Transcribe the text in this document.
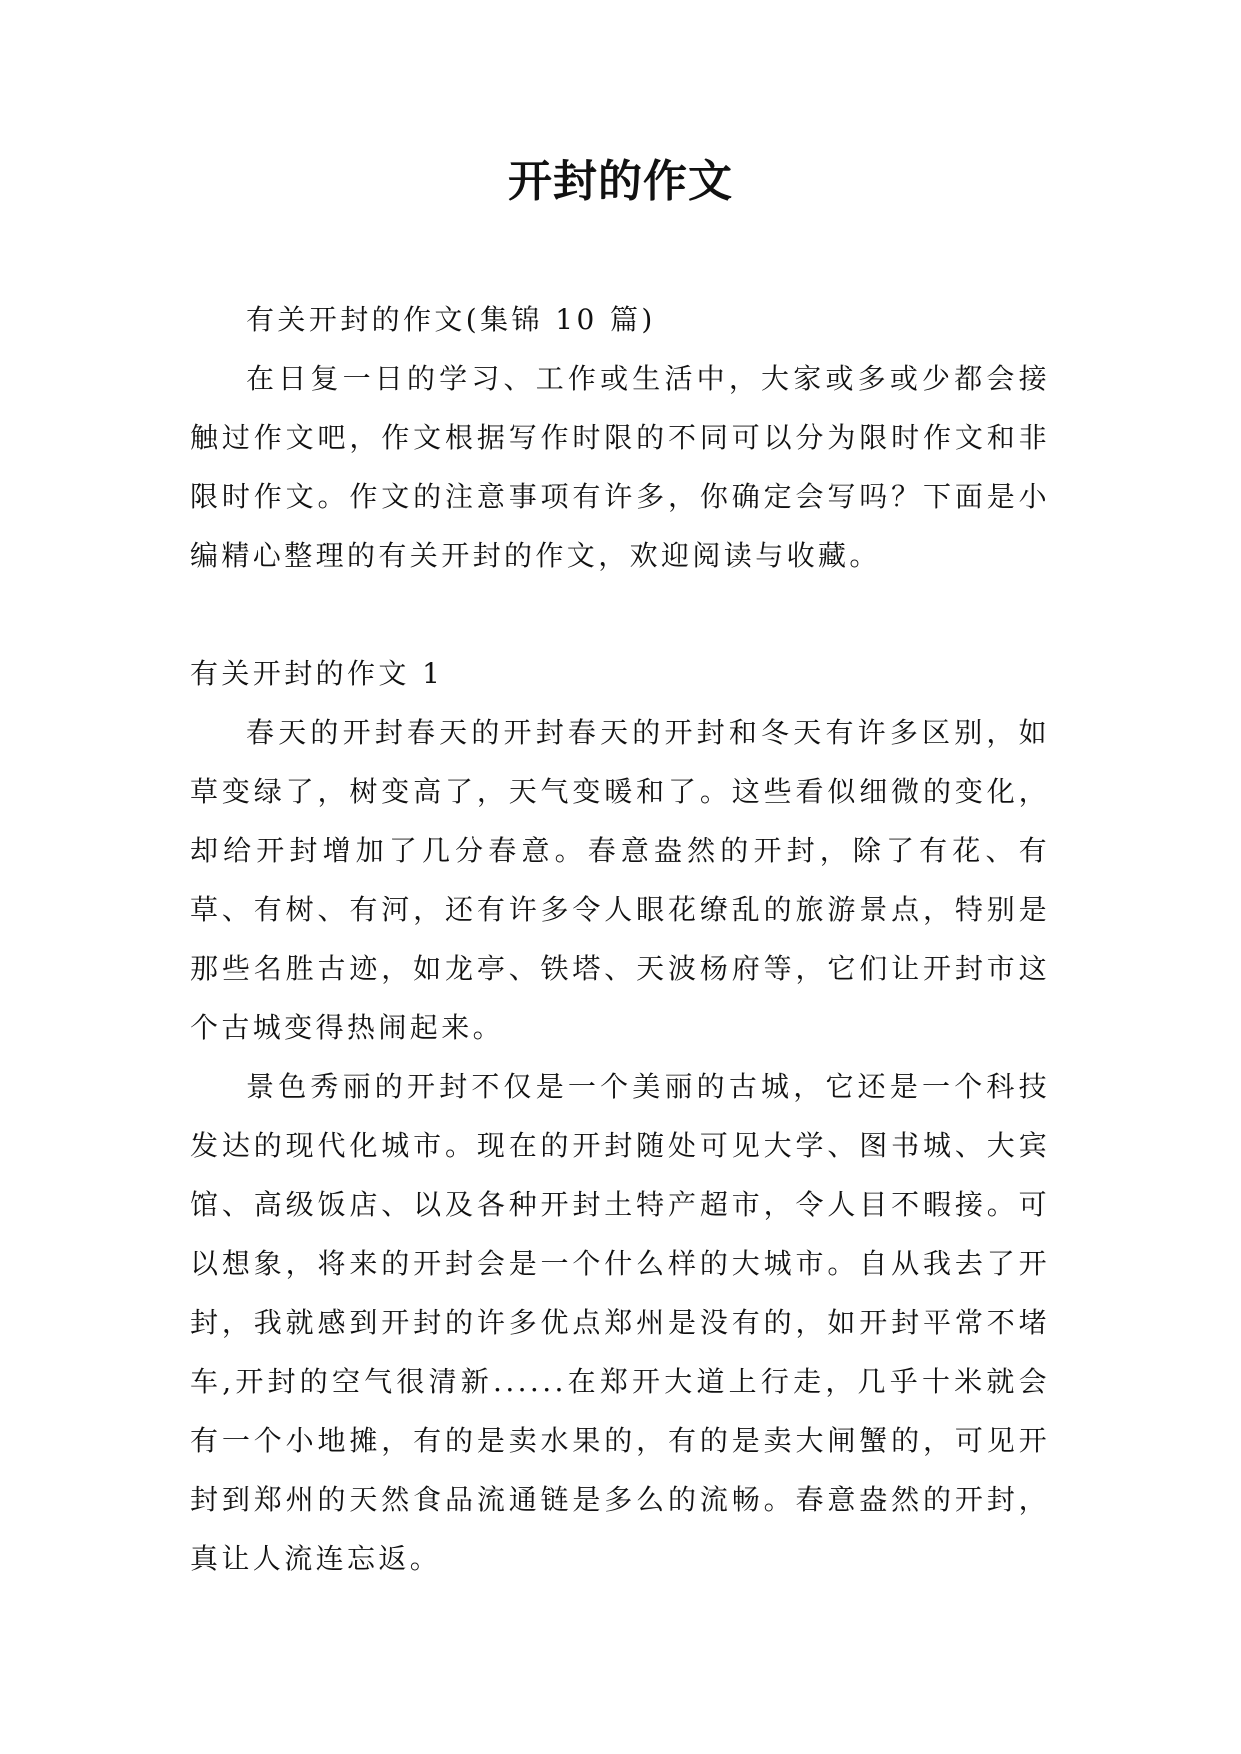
开封的作文

有关开封的作文(集锦 10 篇)

在日复一日的学习、工作或生活中，大家或多或少都会接触过作文吧，作文根据写作时限的不同可以分为限时作文和非限时作文。作文的注意事项有许多，你确定会写吗？下面是小编精心整理的有关开封的作文，欢迎阅读与收藏。

有关开封的作文 1

春天的开封春天的开封春天的开封和冬天有许多区别，如草变绿了，树变高了，天气变暖和了。这些看似细微的变化，却给开封增加了几分春意。春意盎然的开封，除了有花、有草、有树、有河，还有许多令人眼花缭乱的旅游景点，特别是那些名胜古迹，如龙亭、铁塔、天波杨府等，它们让开封市这个古城变得热闹起来。

景色秀丽的开封不仅是一个美丽的古城，它还是一个科技发达的现代化城市。现在的开封随处可见大学、图书城、大宾馆、高级饭店、以及各种开封土特产超市，令人目不暇接。可以想象，将来的开封会是一个什么样的大城市。自从我去了开封，我就感到开封的许多优点郑州是没有的，如开封平常不堵车,开封的空气很清新......在郑开大道上行走，几乎十米就会有一个小地摊，有的是卖水果的，有的是卖大闸蟹的，可见开封到郑州的天然食品流通链是多么的流畅。春意盎然的开封，真让人流连忘返。
